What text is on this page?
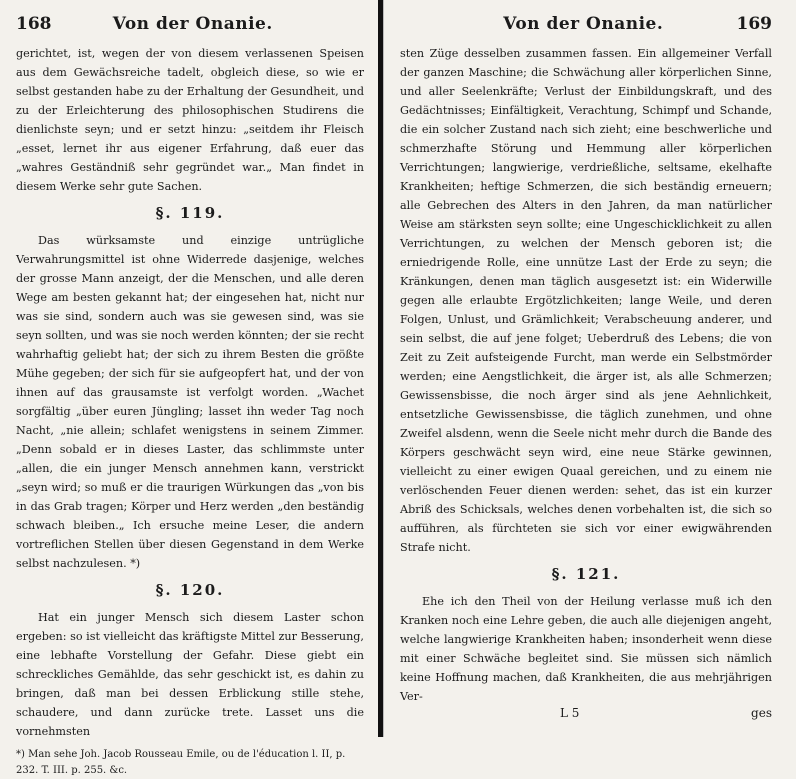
168	Von der Onanie.

gerichtet, ist, wegen der von diesem verlassenen Speisen aus dem Gewächsreiche tadelt, obgleich diese, so wie er selbst gestanden habe zu der Erhaltung der Gesundheit, und zu der Erleichterung des philosophischen Studirens die dienlichste seyn; und er setzt hinzu: „seitdem ihr Fleisch „esset, lernet ihr aus eigener Erfahrung, daß euer das „wahres Geständniß sehr gegründet war.„ Man findet in diesem Werke sehr gute Sachen.

§. 119.

Das würksamste und einzige untrügliche Verwahrungsmittel ist ohne Widerrede dasjenige, welches der grosse Mann anzeigt, der die Menschen, und alle deren Wege am besten gekannt hat; der eingesehen hat, nicht nur was sie sind, sondern auch was sie gewesen sind, was sie seyn sollten, und was sie noch werden könnten; der sie recht wahrhaftig geliebt hat; der sich zu ihrem Besten die größte Mühe gegeben; der sich für sie aufgeopfert hat, und der von ihnen auf das grausamste ist verfolgt worden. „Wachet sorgfältig „über euren Jüngling; lasset ihn weder Tag noch Nacht, „nie allein; schlafet wenigstens in seinem Zimmer. „Denn sobald er in dieses Laster, das schlimmste unter „allen, die ein junger Mensch annehmen kann, verstrickt „seyn wird; so muß er die traurigen Würkungen das „von bis in das Grab tragen; Körper und Herz werden „den beständig schwach bleiben.„ Ich ersuche meine Leser, die andern vortreflichen Stellen über diesen Gegenstand in dem Werke selbst nachzulesen. *)

§. 120.

Hat ein junger Mensch sich diesem Laster schon ergeben: so ist vielleicht das kräftigste Mittel zur Besserung, eine lebhafte Vorstellung der Gefahr. Diese giebt ein schreckliches Gemählde, das sehr geschickt ist, es dahin zu bringen, daß man bei dessen Erblickung stille stehe, schaudere, und dann zurücke trete. Lasset uns die vornehmsten

*) Man sehe Joh. Jacob Rousseau Emile, ou de l'éducation l. II, p. 232. T. III. p. 255. &c.
Von der Onanie.	169

sten Züge desselben zusammen fassen. Ein allgemeiner Verfall der ganzen Maschine; die Schwächung aller körperlichen Sinne, und aller Seelenkräfte; Verlust der Einbildungskraft, und des Gedächtnisses; Einfältigkeit, Verachtung, Schimpf und Schande, die ein solcher Zustand nach sich zieht; eine beschwerliche und schmerzhafte Störung und Hemmung aller körperlichen Verrichtungen; langwierige, verdrießliche, seltsame, ekelhafte Krankheiten; heftige Schmerzen, die sich beständig erneuern; alle Gebrechen des Alters in den Jahren, da man natürlicher Weise am stärksten seyn sollte; eine Ungeschicklichkeit zu allen Verrichtungen, zu welchen der Mensch geboren ist; die erniedrigende Rolle, eine unnütze Last der Erde zu seyn; die Kränkungen, denen man täglich ausgesetzt ist: ein Widerwille gegen alle erlaubte Ergötzlichkeiten; lange Weile, und deren Folgen, Unlust, und Grämlichkeit; Verabscheuung anderer, und sein selbst, die auf jene folget; Ueberdruß des Lebens; die von Zeit zu Zeit aufsteigende Furcht, man werde ein Selbstmörder werden; eine Aengstlichkeit, die ärger ist, als alle Schmerzen; Gewissensbisse, die noch ärger sind als jene Aehnlichkeit, entsetzliche Gewissensbisse, die täglich zunehmen, und ohne Zweifel alsdenn, wenn die Seele nicht mehr durch die Bande des Körpers geschwächt seyn wird, eine neue Stärke gewinnen, vielleicht zu einer ewigen Quaal gereichen, und zu einem nie verlöschenden Feuer dienen werden: sehet, das ist ein kurzer Abriß des Schicksals, welches denen vorbehalten ist, die sich so aufführen, als fürchteten sie sich vor einer ewigwährenden Strafe nicht.

§. 121.

Ehe ich den Theil von der Heilung verlasse muß ich den Kranken noch eine Lehre geben, die auch alle diejenigen angeht, welche langwierige Krankheiten haben; insonderheit wenn diese mit einer Schwäche begleitet sind. Sie müssen sich nämlich keine Hoffnung machen, daß Krankheiten, die aus mehrjährigen Ver-

L 5	ges
